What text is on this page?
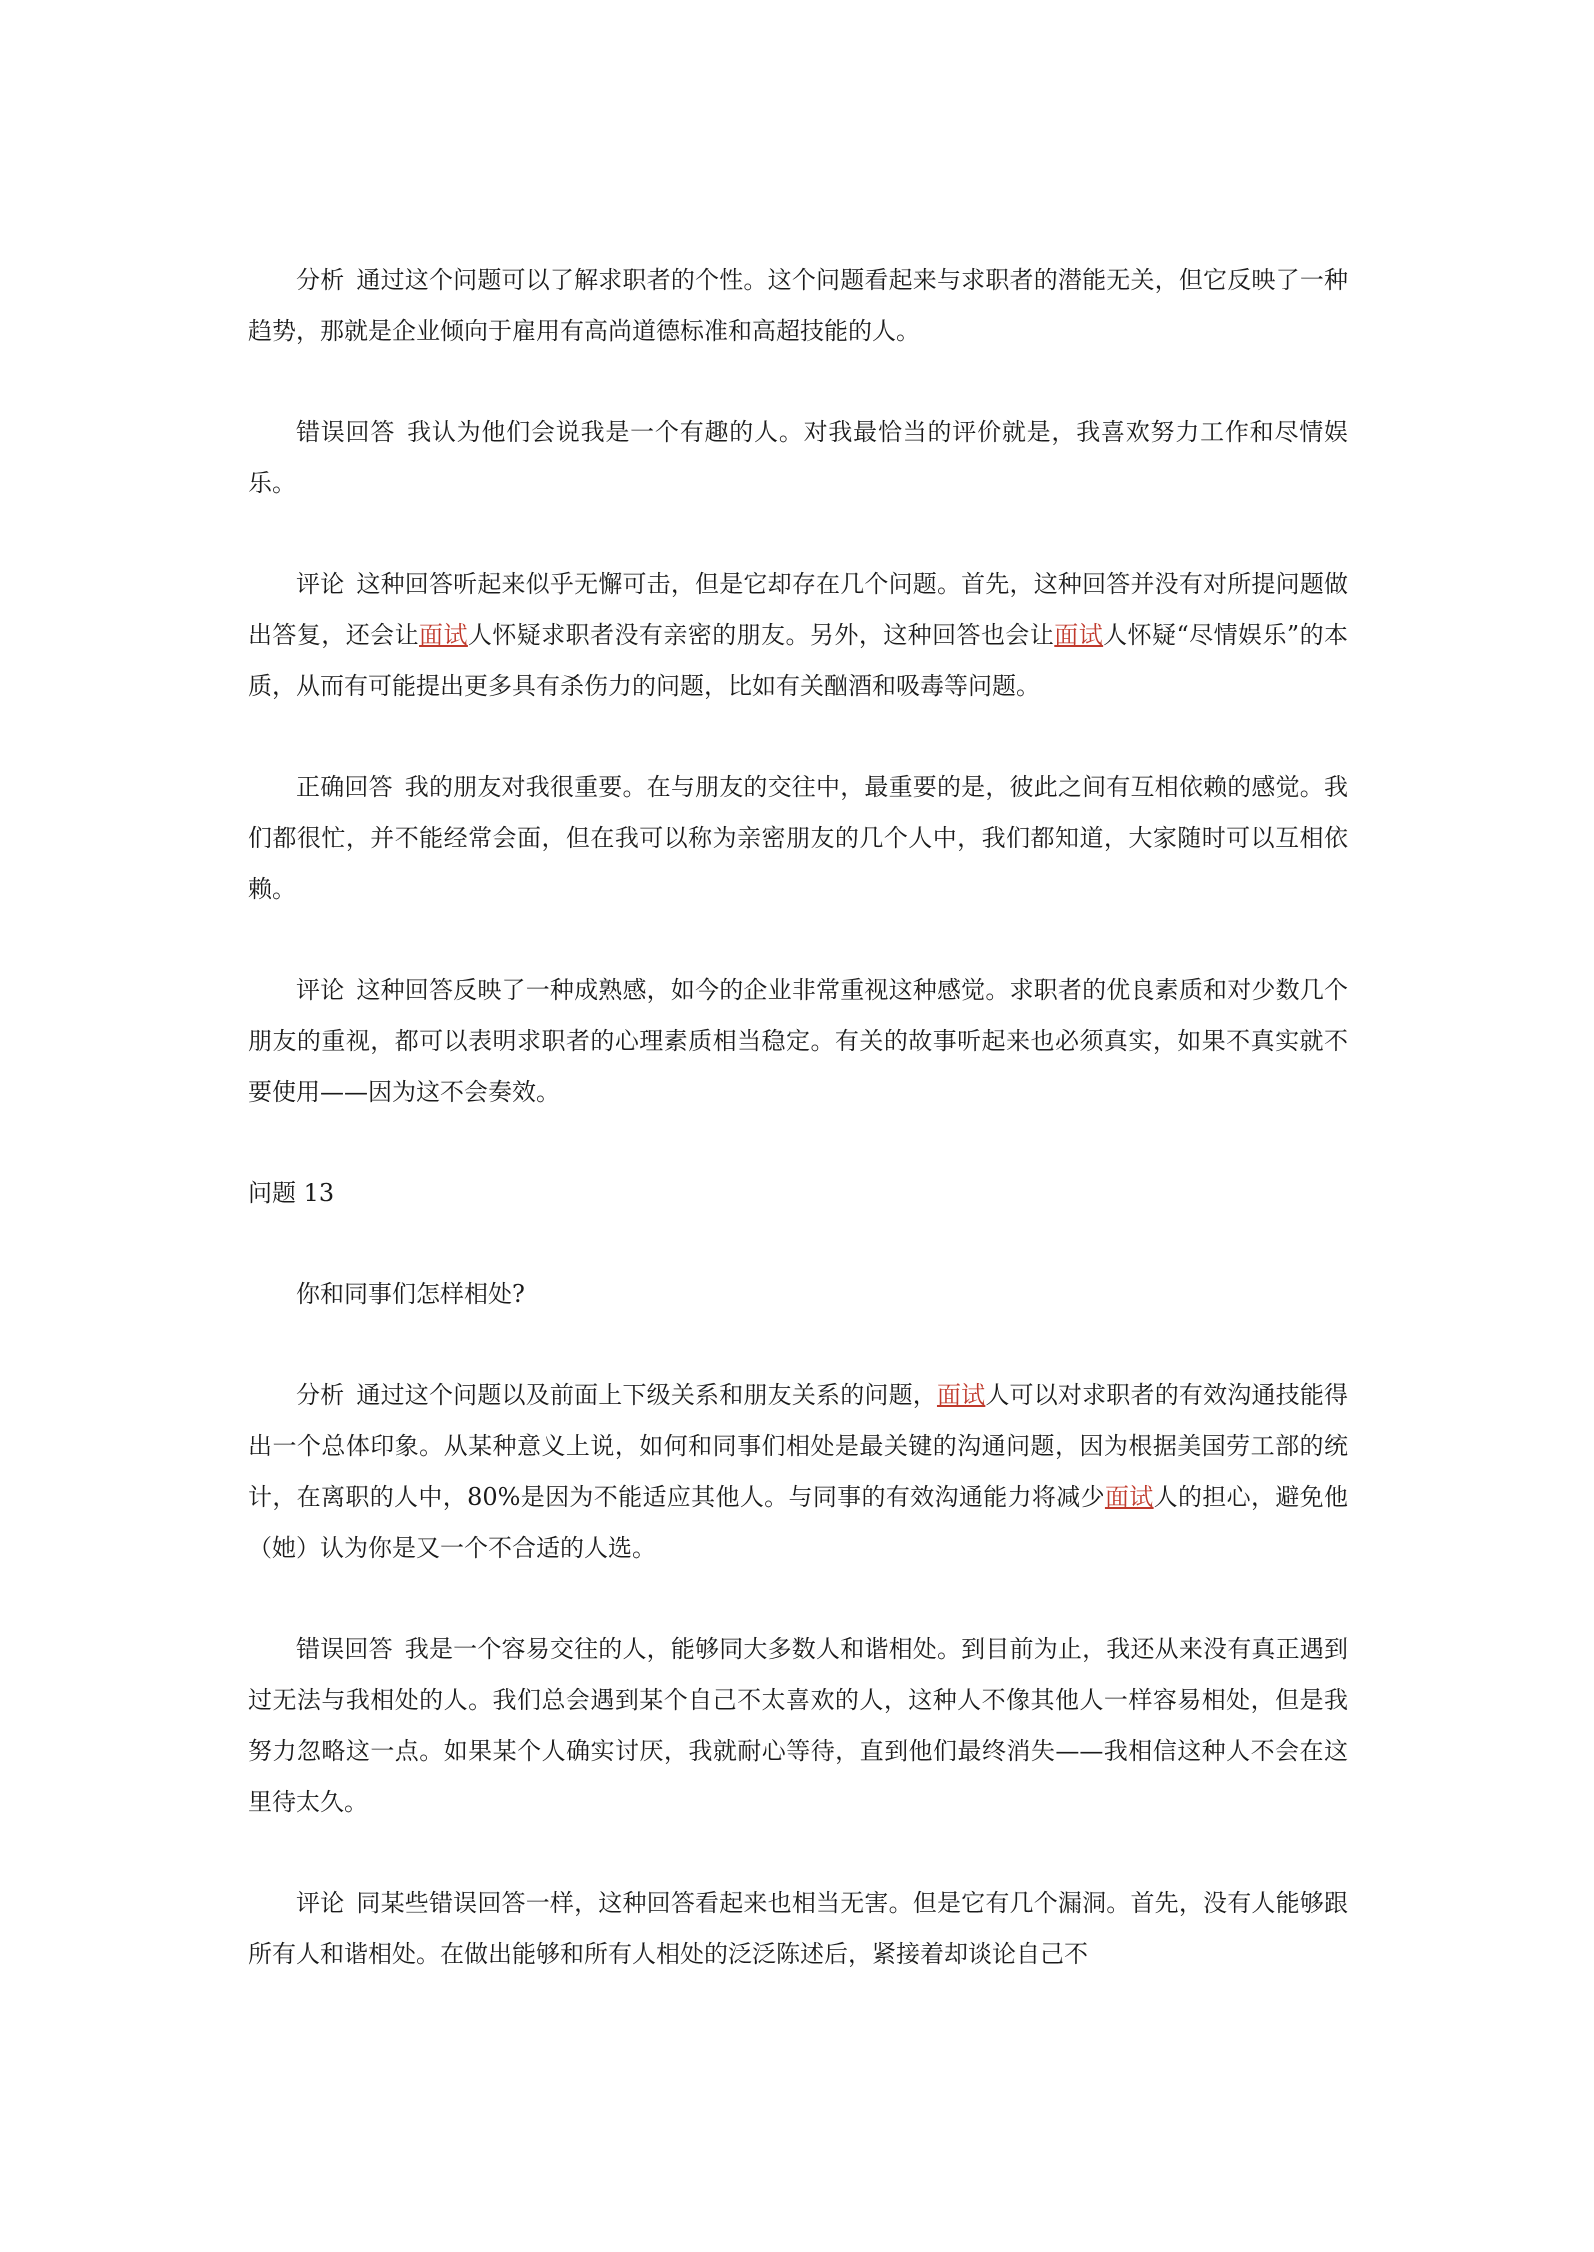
分析 通过这个问题可以了解求职者的个性。这个问题看起来与求职者的潜能无关，但它反映了一种趋势，那就是企业倾向于雇用有高尚道德标准和高超技能的人。

错误回答 我认为他们会说我是一个有趣的人。对我最恰当的评价就是，我喜欢努力工作和尽情娱乐。

评论 这种回答听起来似乎无懈可击，但是它却存在几个问题。首先，这种回答并没有对所提问题做出答复，还会让面试人怀疑求职者没有亲密的朋友。另外，这种回答也会让面试人怀疑“尽情娱乐”的本质，从而有可能提出更多具有杀伤力的问题，比如有关酗酒和吸毒等问题。

正确回答 我的朋友对我很重要。在与朋友的交往中，最重要的是，彼此之间有互相依赖的感觉。我们都很忙，并不能经常会面，但在我可以称为亲密朋友的几个人中，我们都知道，大家随时可以互相依赖。

评论 这种回答反映了一种成熟感，如今的企业非常重视这种感觉。求职者的优良素质和对少数几个朋友的重视，都可以表明求职者的心理素质相当稳定。有关的故事听起来也必须真实，如果不真实就不要使用——因为这不会奏效。

问题 13

你和同事们怎样相处?

分析 通过这个问题以及前面上下级关系和朋友关系的问题，面试人可以对求职者的有效沟通技能得出一个总体印象。从某种意义上说，如何和同事们相处是最关键的沟通问题，因为根据美国劳工部的统计，在离职的人中，80%是因为不能适应其他人。与同事的有效沟通能力将减少面试人的担心，避免他（她）认为你是又一个不合适的人选。

错误回答 我是一个容易交往的人，能够同大多数人和谐相处。到目前为止，我还从来没有真正遇到过无法与我相处的人。我们总会遇到某个自己不太喜欢的人，这种人不像其他人一样容易相处，但是我努力忽略这一点。如果某个人确实讨厌，我就耐心等待，直到他们最终消失——我相信这种人不会在这里待太久。

评论 同某些错误回答一样，这种回答看起来也相当无害。但是它有几个漏洞。首先，没有人能够跟所有人和谐相处。在做出能够和所有人相处的泛泛陈述后，紧接着却谈论自己不
